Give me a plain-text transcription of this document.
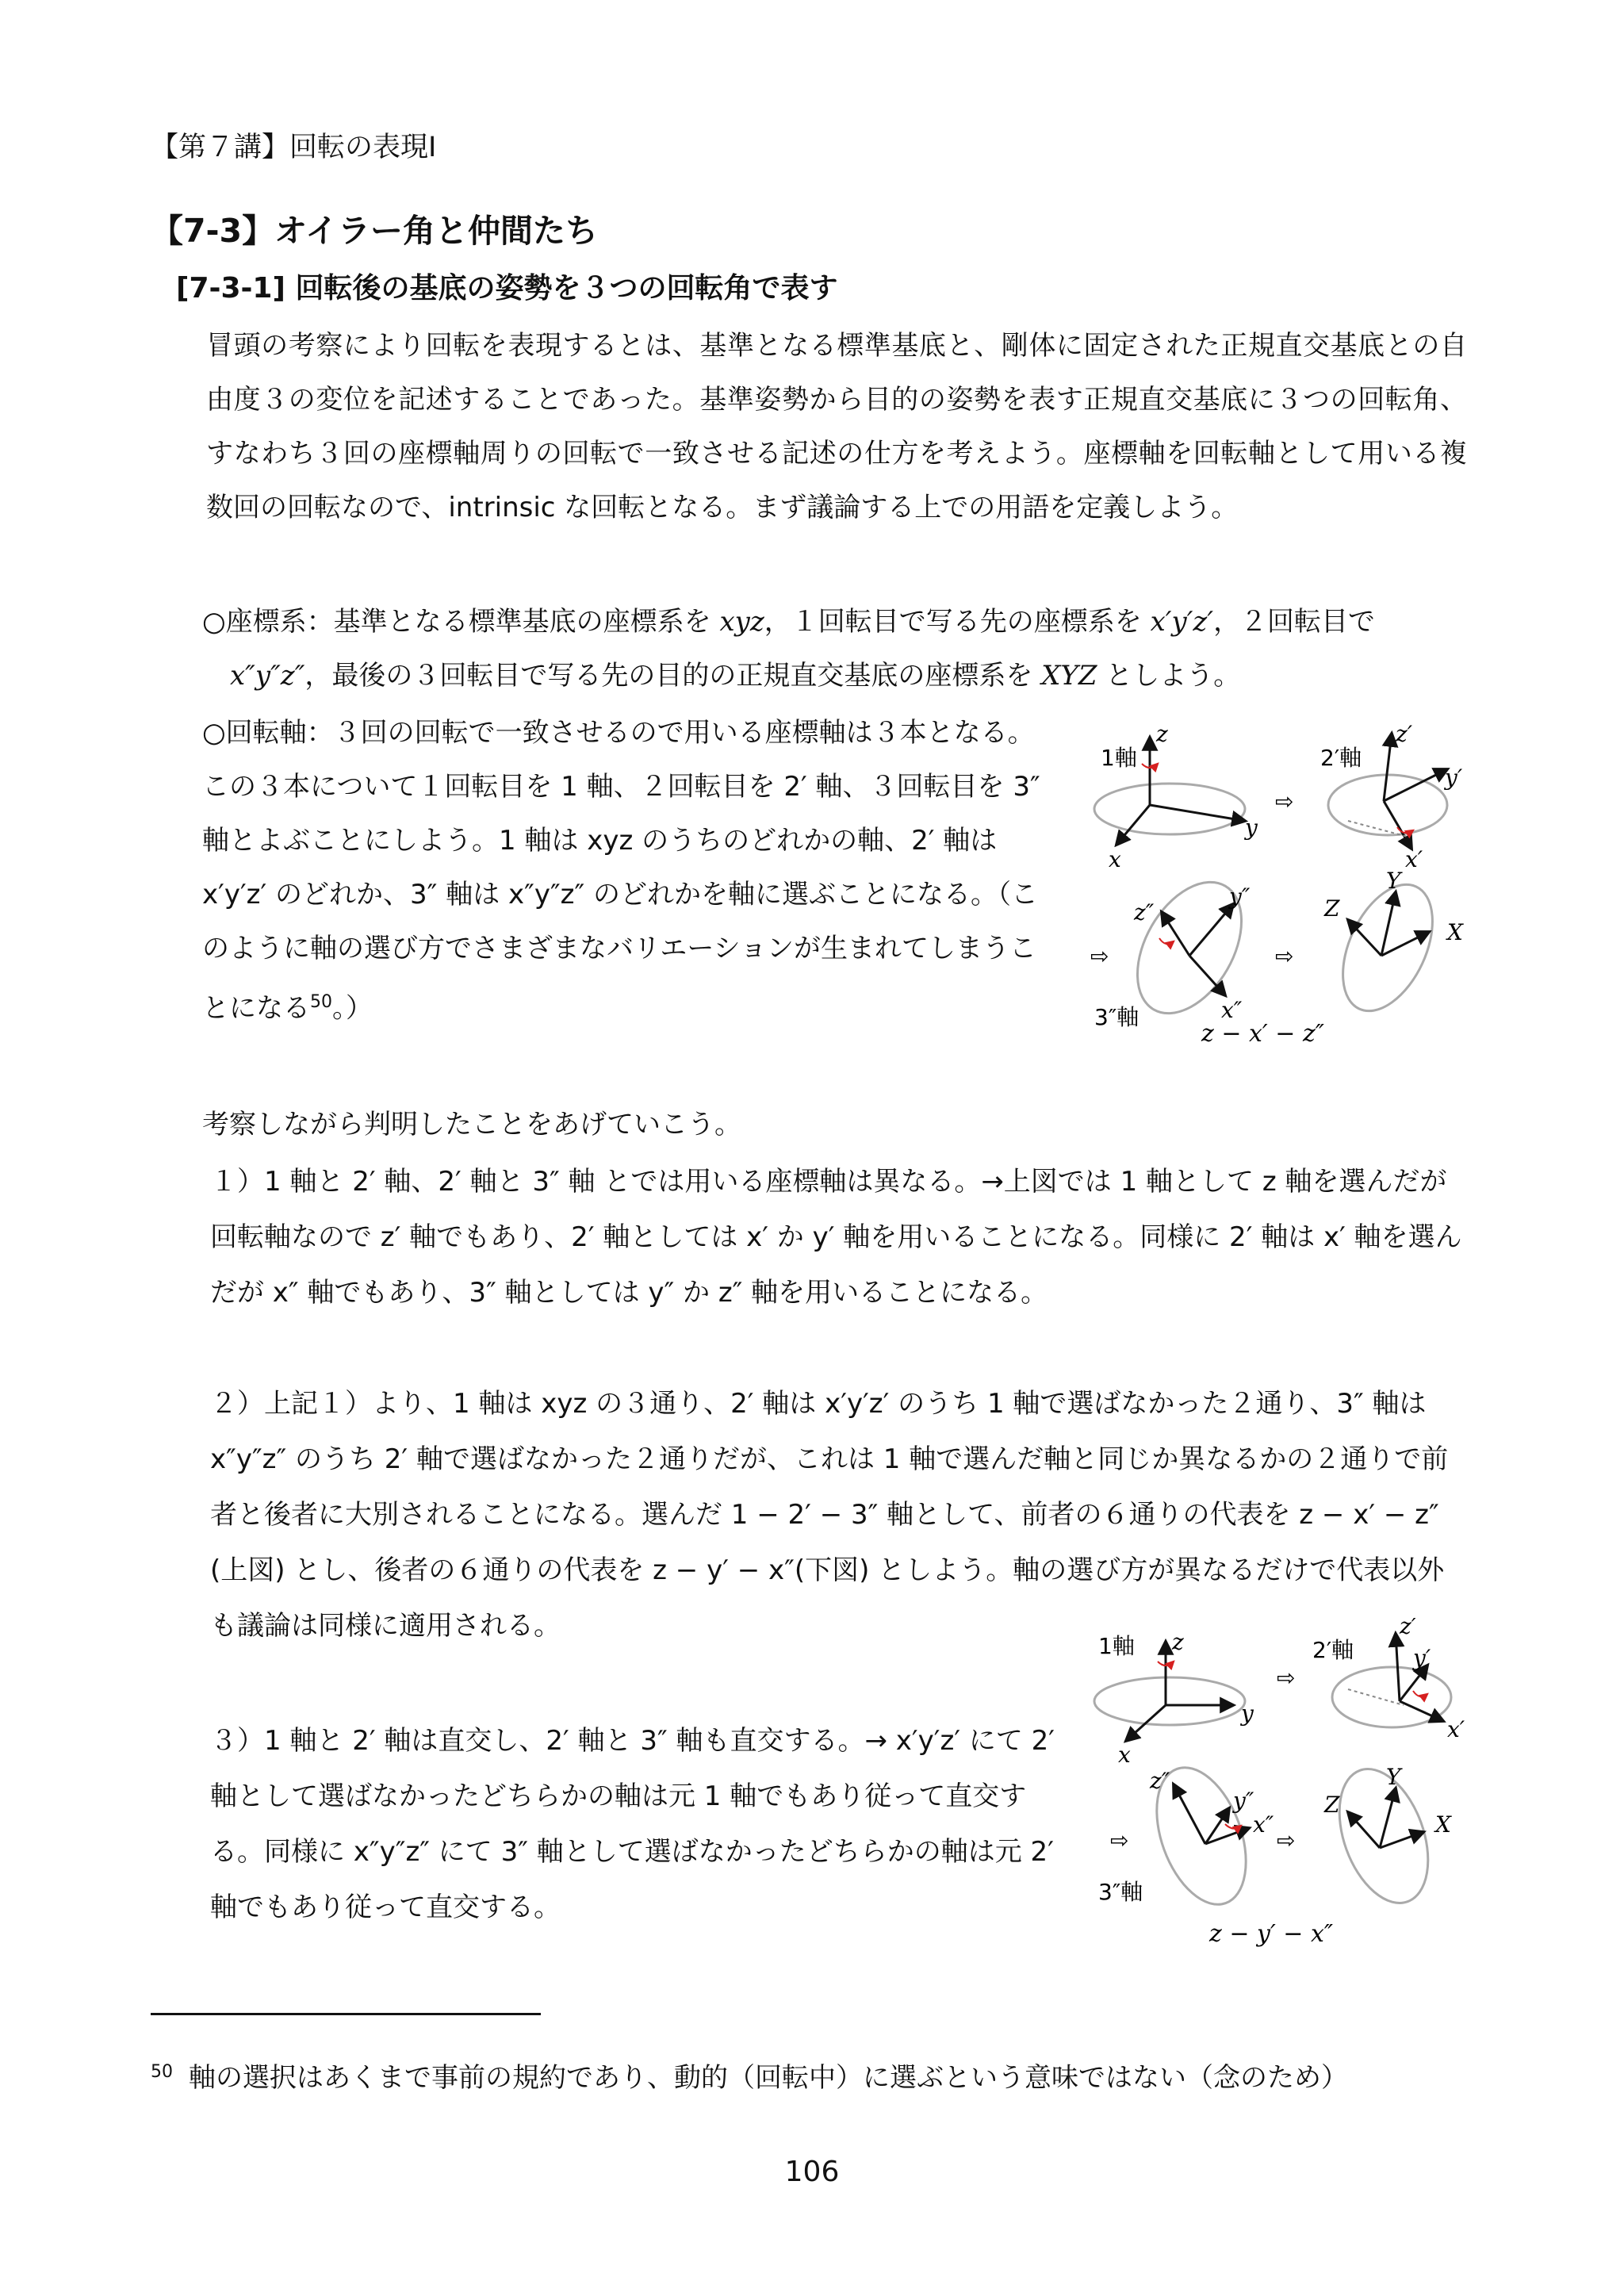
【第７講】回転の表現Ⅰ
【7-3】オイラー角と仲間たち
[7-3-1] 回転後の基底の姿勢を３つの回転角で表す

冒頭の考察により回転を表現するとは、基準となる標準基底と、剛体に固定された正規直交基底との自由度３の変位を記述することであった。基準姿勢から目的の姿勢を表す正規直交基底に３つの回転角、すなわち３回の座標軸周りの回転で一致させる記述の仕方を考えよう。座標軸を回転軸として用いる複数回の回転なので、intrinsic な回転となる。まず議論する上での用語を定義しよう。

○座標系：基準となる標準基底の座標系を xyz，１回転目で写る先の座標系を x′y′z′，２回転目で
x″y″z″，最後の３回転目で写る先の目的の正規直交基底の座標系を XYZ としよう。

○回転軸：３回の回転で一致させるので用いる座標軸は３本となる。この３本について１回転目を 1 軸、２回転目を 2′ 軸、３回転目を 3″ 軸とよぶことにしよう。1 軸は xyz のうちのどれかの軸、2′ 軸は x′y′z′ のどれか、3″ 軸は x″y″z″ のどれかを軸に選ぶことになる。（このように軸の選び方でさまざまなバリエーションが生まれてしまうことになる$^{50}$。）

1軸
z
x
y
⇨
2′軸
z′
y′
x′
z″
y″
x″
3″軸
⇨	⇨
Z
Y
X
z − x′ − z″
考察しながら判明したことをあげていこう。

１）1 軸と 2′ 軸、2′ 軸と 3″ 軸 とでは用いる座標軸は異なる。→上図では 1 軸として z 軸を選んだが回転軸なので z′ 軸でもあり、2′ 軸としては x′ か y′ 軸を用いることになる。同様に 2′ 軸は x′ 軸を選んだが x″ 軸でもあり、3″ 軸としては y″ か z″ 軸を用いることになる。

２）上記１）より、1 軸は xyz の３通り、2′ 軸は x′y′z′ のうち 1 軸で選ばなかった２通り、3″ 軸は x″y″z″ のうち 2′ 軸で選ばなかった２通りだが、これは 1 軸で選んだ軸と同じか異なるかの２通りで前者と後者に大別されることになる。選んだ 1 − 2′ − 3″ 軸として、前者の６通りの代表を z − x′ − z″(上図) とし、後者の６通りの代表を z − y′ − x″(下図) としよう。軸の選び方が異なるだけで代表以外も議論は同様に適用される。

３）1 軸と 2′ 軸は直交し、2′ 軸と 3″ 軸も直交する。→ x′y′z′ にて 2′ 軸として選ばなかったどちらかの軸は元 1 軸でもあり従って直交する。同様に x″y″z″ にて 3″ 軸として選ばなかったどちらかの軸は元 2′ 軸でもあり従って直交する。

1軸 z
x
y
⇨
2′軸
z′
y′
x′
z″
y″
x″
3″軸
⇨	⇨
Z
Y
X
z − y′ − x″
$^{50}$ 軸の選択はあくまで事前の規約であり、動的（回転中）に選ぶという意味ではない（念のため）
106
